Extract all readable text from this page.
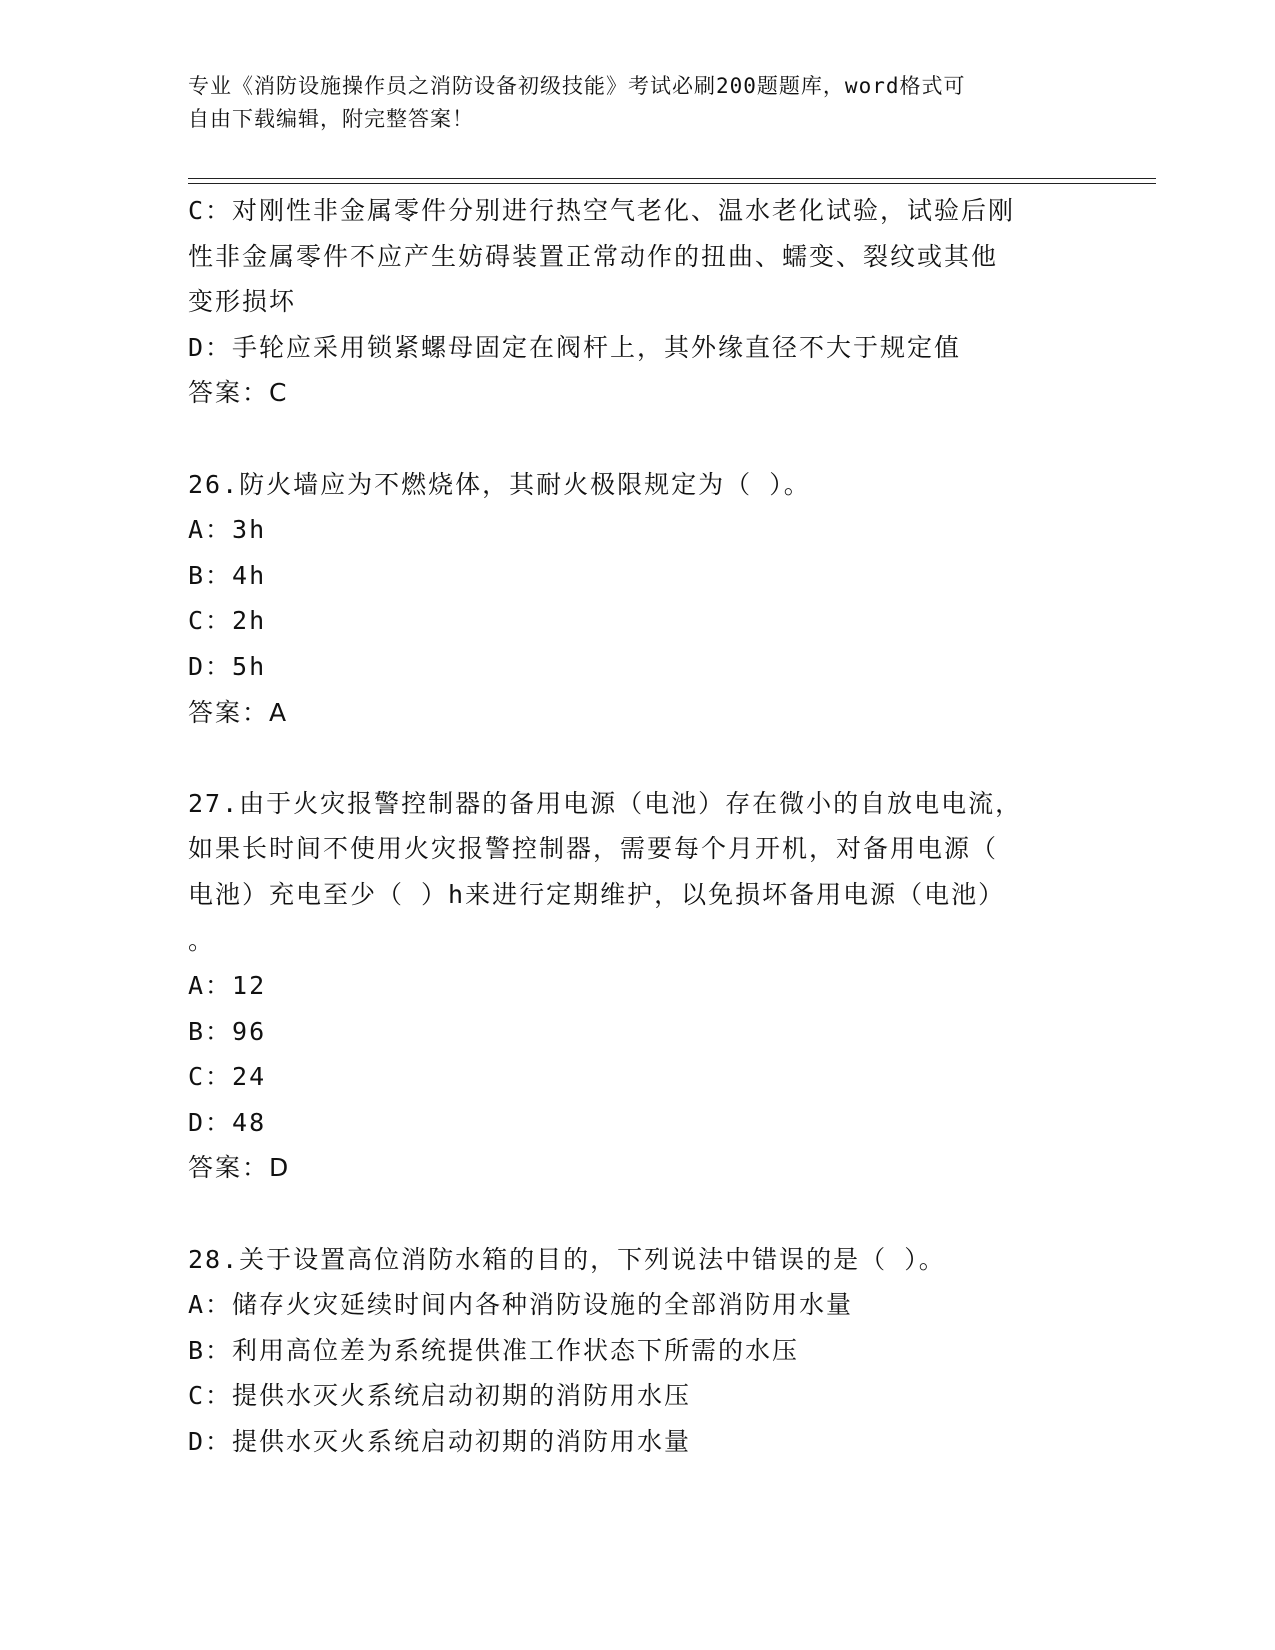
专业《消防设施操作员之消防设备初级技能》考试必刷200题题库，word格式可
自由下载编辑，附完整答案！
C：对刚性非金属零件分别进行热空气老化、温水老化试验，试验后刚
性非金属零件不应产生妨碍装置正常动作的扭曲、蠕变、裂纹或其他
变形损坏
D：手轮应采用锁紧螺母固定在阀杆上，其外缘直径不大于规定值
答案：C
26.防火墙应为不燃烧体，其耐火极限规定为（ ）。
A：3h
B：4h
C：2h
D：5h
答案：A
27.由于火灾报警控制器的备用电源（电池）存在微小的自放电电流，
如果长时间不使用火灾报警控制器，需要每个月开机，对备用电源（
电池）充电至少（ ）h来进行定期维护，以免损坏备用电源（电池）
。
A：12
B：96
C：24
D：48
答案：D
28.关于设置高位消防水箱的目的，下列说法中错误的是（ ）。
A：储存火灾延续时间内各种消防设施的全部消防用水量
B：利用高位差为系统提供准工作状态下所需的水压
C：提供水灭火系统启动初期的消防用水压
D：提供水灭火系统启动初期的消防用水量
